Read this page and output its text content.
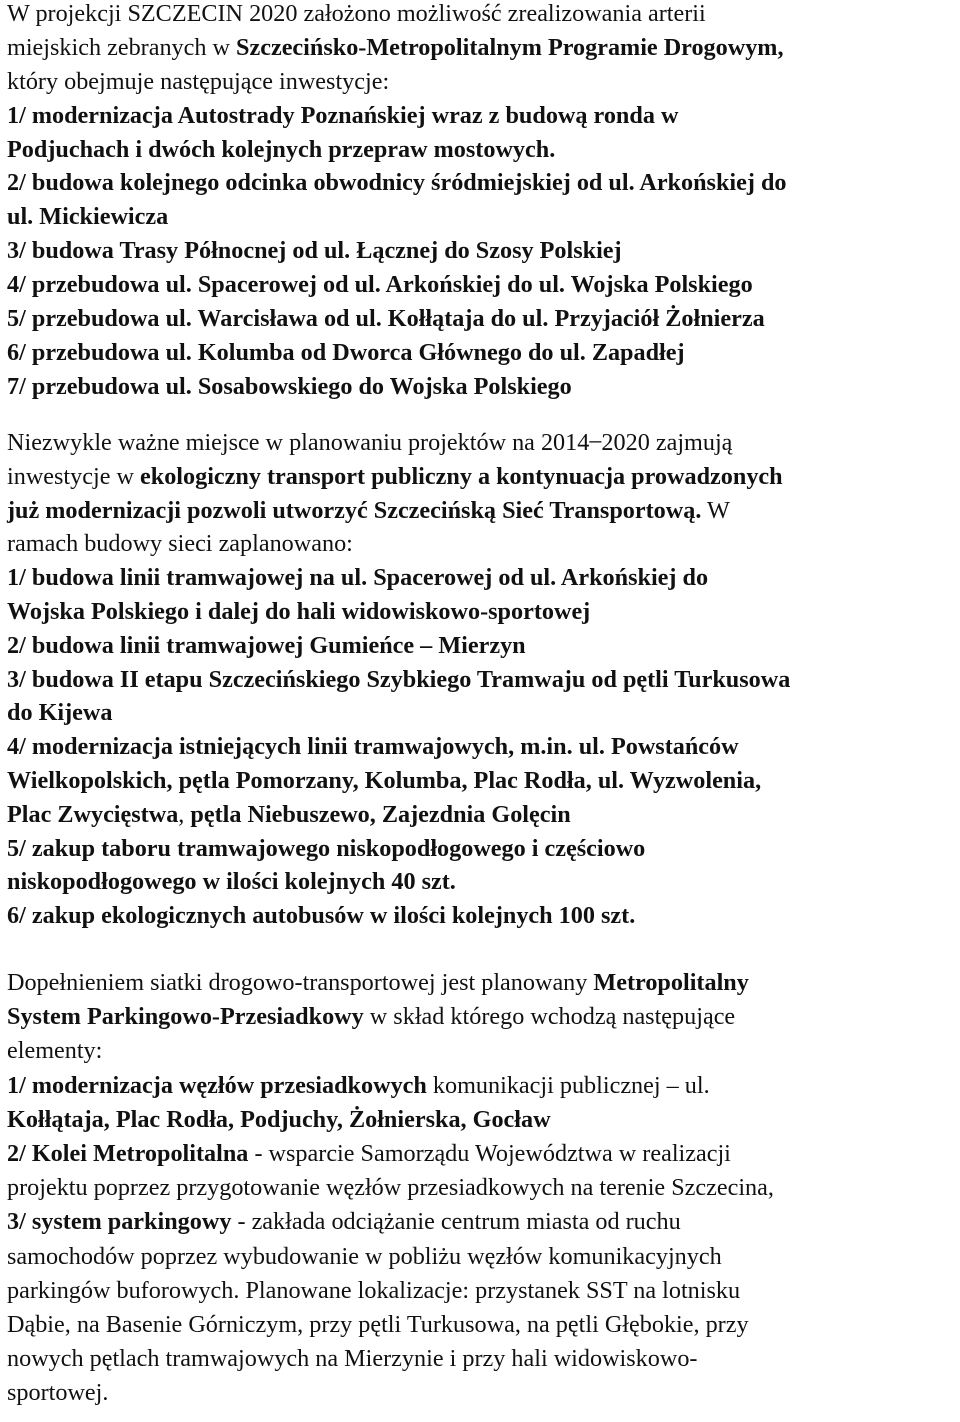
W projekcji SZCZECIN 2020 założono możliwość zrealizowania arterii
miejskich zebranych w Szczecińsko-Metropolitalnym Programie Drogowym,
który obejmuje następujące inwestycje:
1/ modernizacja Autostrady Poznańskiej wraz z budową ronda w
Podjuchach i dwóch kolejnych przepraw mostowych.
2/ budowa kolejnego odcinka obwodnicy śródmiejskiej od ul. Arkońskiej do
ul. Mickiewicza
3/ budowa Trasy Północnej od ul. Łącznej do Szosy Polskiej
4/ przebudowa ul. Spacerowej od ul. Arkońskiej do ul. Wojska Polskiego
5/ przebudowa ul. Warcisława od ul. Kołłątaja do ul. Przyjaciół Żołnierza
6/ przebudowa ul. Kolumba od Dworca Głównego do ul. Zapadłej
7/ przebudowa ul. Sosabowskiego do Wojska Polskiego
Niezwykle ważne miejsce w planowaniu projektów na 2014 ̶ 2020 zajmują
inwestycje w ekologiczny transport publiczny a kontynuacja prowadzonych
już modernizacji pozwoli utworzyć Szczecińską Sieć Transportową. W
ramach budowy sieci zaplanowano:
1/ budowa linii tramwajowej na ul. Spacerowej od ul. Arkońskiej do
Wojska Polskiego i dalej do hali widowiskowo-sportowej
2/ budowa linii tramwajowej Gumieńce – Mierzyn
3/ budowa II etapu Szczecińskiego Szybkiego Tramwaju od pętli Turkusowa
do Kijewa
4/ modernizacja istniejących linii tramwajowych, m.in. ul. Powstańców
Wielkopolskich, pętla Pomorzany, Kolumba, Plac Rodła, ul. Wyzwolenia,
Plac Zwycięstwa, pętla Niebuszewo, Zajezdnia Golęcin
5/ zakup taboru tramwajowego niskopodłogowego i częściowo
niskopodłogowego w ilości kolejnych 40 szt.
6/ zakup ekologicznych autobusów w ilości kolejnych 100 szt.
Dopełnieniem siatki drogowo-transportowej jest planowany Metropolitalny
System Parkingowo-Przesiadkowy w skład którego wchodzą następujące
elementy:
1/ modernizacja węzłów przesiadkowych komunikacji publicznej – ul.
Kołłątaja, Plac Rodła, Podjuchy, Żołnierska, Gocław
2/ Kolei Metropolitalna - wsparcie Samorządu Województwa w realizacji
projektu poprzez przygotowanie węzłów przesiadkowych na terenie Szczecina,
3/ system parkingowy - zakłada odciążanie centrum miasta od ruchu
samochodów poprzez wybudowanie w pobliżu węzłów komunikacyjnych
parkingów buforowych. Planowane lokalizacje: przystanek SST na lotnisku
Dąbie, na Basenie Górniczym, przy pętli Turkusowa, na pętli Głębokie, przy
nowych pętlach tramwajowych na Mierzynie i przy hali widowiskowo-
sportowej.
